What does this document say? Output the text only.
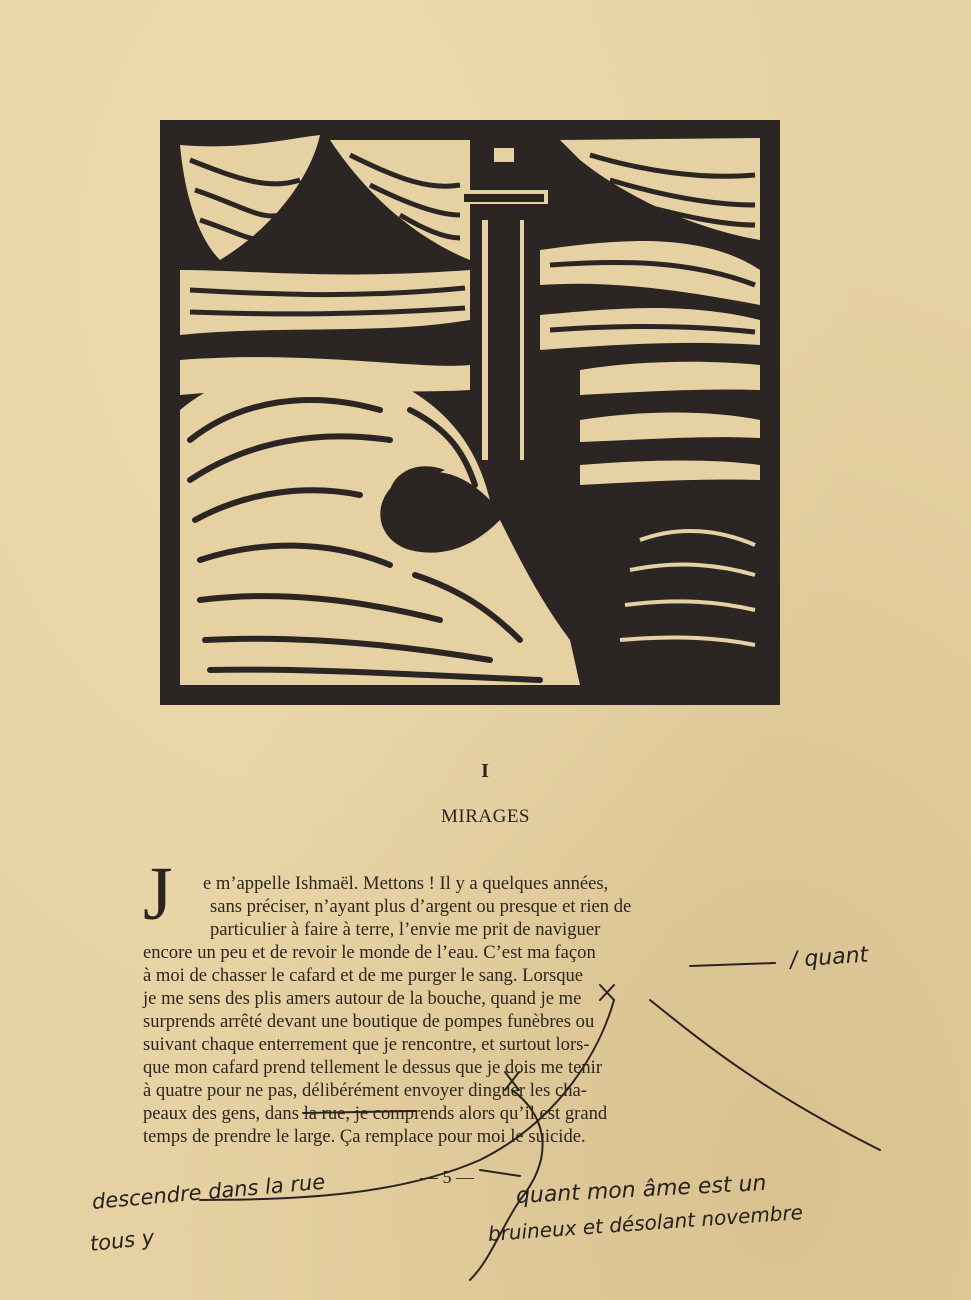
I
MIRAGES
J e m’appelle Ishmaël. Mettons ! Il y a quelques années,
sans préciser, n’ayant plus d’argent ou presque et rien de
particulier à faire à terre, l’envie me prit de naviguer
encore un peu et de revoir le monde de l’eau. C’est ma façon
à moi de chasser le cafard et de me purger le sang. Lorsque
je me sens des plis amers autour de la bouche, quand je me
surprends arrêté devant une boutique de pompes funèbres ou
suivant chaque enterrement que je rencontre, et surtout lors-
que mon cafard prend tellement le dessus que je dois me tenir
à quatre pour ne pas, délibérément envoyer dinguer les cha-
peaux des gens, dans la rue, je comprends alors qu’il est grand
temps de prendre le large. Ça remplace pour moi le suicide.
— 5 —
/ quant
descendre dans la rue
tous y
quant mon âme est un
bruineux et désolant novembre
